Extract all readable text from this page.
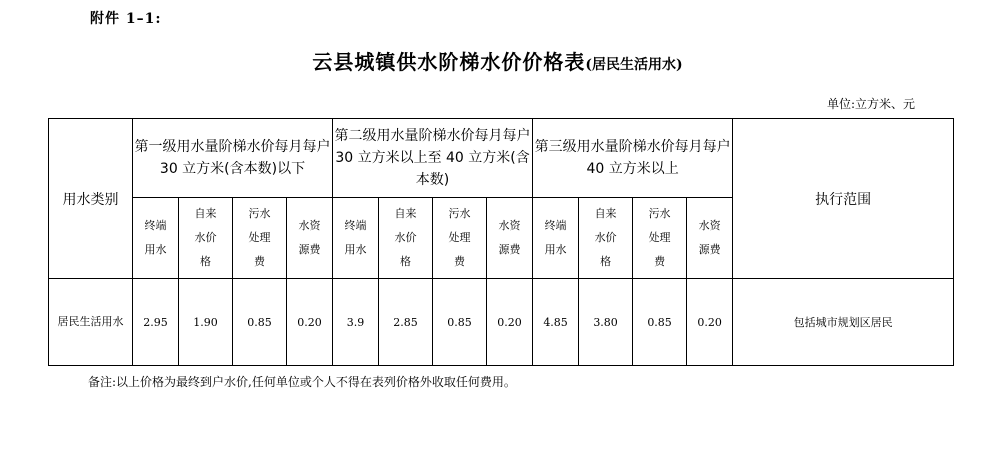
附件 1–1:
云县城镇供水阶梯水价价格表(居民生活用水)
单位:立方米、元
用水类别	第一级用水量阶梯水价每月每户 30 立方米(含本数)以下				第二级用水量阶梯水价每月每户 30 立方米以上至 40 立方米(含本数)				第三级用水量阶梯水价每月每户 40 立方米以上				执行范围
	终端用水	自来水价格	污水处理费	水资源费	终端用水	自来水价格	污水处理费	水资源费	终端用水	自来水价格	污水处理费	水资源费	
居民生活用水	2.95	1.90	0.85	0.20	3.9	2.85	0.85	0.20	4.85	3.80	0.85	0.20	包括城市规划区居民
备注:以上价格为最终到户水价,任何单位或个人不得在表列价格外收取任何费用。
